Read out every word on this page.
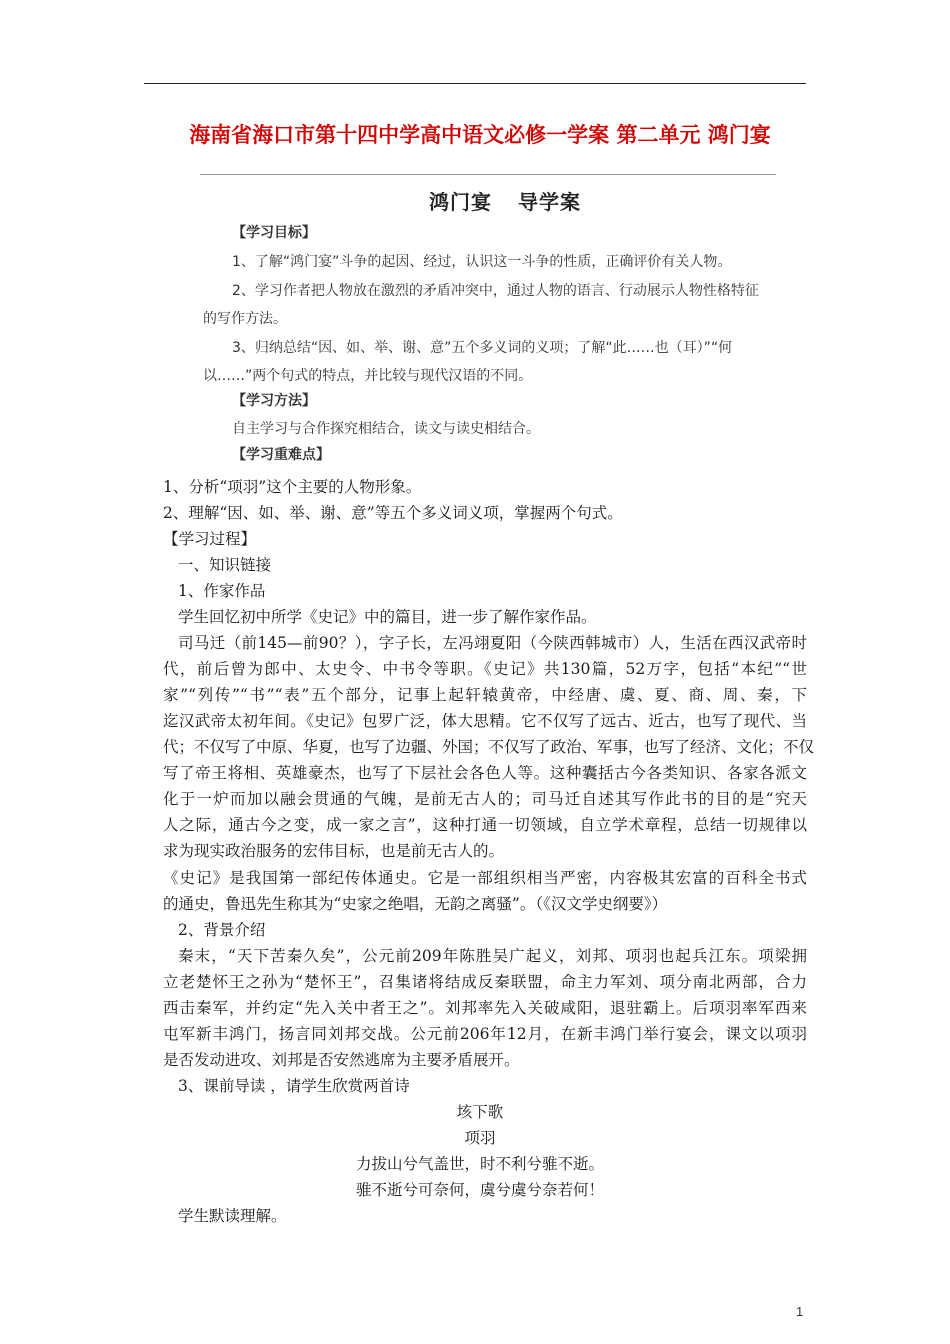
海南省海口市第十四中学高中语文必修一学案 第二单元 鸿门宴
鸿门宴 导学案
【学习目标】
1、了解“鸿门宴”斗争的起因、经过，认识这一斗争的性质，正确评价有关人物。
2、学习作者把人物放在激烈的矛盾冲突中，通过人物的语言、行动展示人物性格特征
的写作方法。
3、归纳总结“因、如、举、谢、意”五个多义词的义项；了解“此……也（耳）”“何
以……”两个句式的特点，并比较与现代汉语的不同。
【学习方法】
自主学习与合作探究相结合，读文与读史相结合。
【学习重难点】
1、分析“项羽”这个主要的人物形象。
2、理解“因、如、举、谢、意”等五个多义词义项，掌握两个句式。
【学习过程】
一、知识链接
1、作家作品
学生回忆初中所学《史记》中的篇目，进一步了解作家作品。
司马迁（前145—前90？），字子长，左冯翊夏阳（今陕西韩城市）人，生活在西汉武帝时
代，前后曾为郎中、太史令、中书令等职。《史记》共130篇，52万字，包括“本纪”“世
家”“列传”“书”“表”五个部分，记事上起轩辕黄帝，中经唐、虞、夏、商、周、秦，下
迄汉武帝太初年间。《史记》包罗广泛，体大思精。它不仅写了远古、近古，也写了现代、当
代；不仅写了中原、华夏，也写了边疆、外国；不仅写了政治、军事，也写了经济、文化；不仅
写了帝王将相、英雄豪杰，也写了下层社会各色人等。这种囊括古今各类知识、各家各派文
化于一炉而加以融会贯通的气魄，是前无古人的；司马迁自述其写作此书的目的是“究天
人之际，通古今之变，成一家之言”，这种打通一切领域，自立学术章程，总结一切规律以
求为现实政治服务的宏伟目标，也是前无古人的。
《史记》是我国第一部纪传体通史。它是一部组织相当严密，内容极其宏富的百科全书式
的通史，鲁迅先生称其为“史家之绝唱，无韵之离骚”。（《汉文学史纲要》）
2、背景介绍
秦末，“天下苦秦久矣”，公元前209年陈胜吴广起义，刘邦、项羽也起兵江东。项梁拥
立老楚怀王之孙为“楚怀王”，召集诸将结成反秦联盟，命主力军刘、项分南北两部，合力
西击秦军，并约定“先入关中者王之”。刘邦率先入关破咸阳，退驻霸上。后项羽率军西来
屯军新丰鸿门，扬言同刘邦交战。公元前206年12月，在新丰鸿门举行宴会，课文以项羽
是否发动进攻、刘邦是否安然逃席为主要矛盾展开。
3、课前导读 ，请学生欣赏两首诗
垓下歌
项羽
力拔山兮气盖世，时不利兮骓不逝。
骓不逝兮可奈何，虞兮虞兮奈若何！
学生默读理解。
1
